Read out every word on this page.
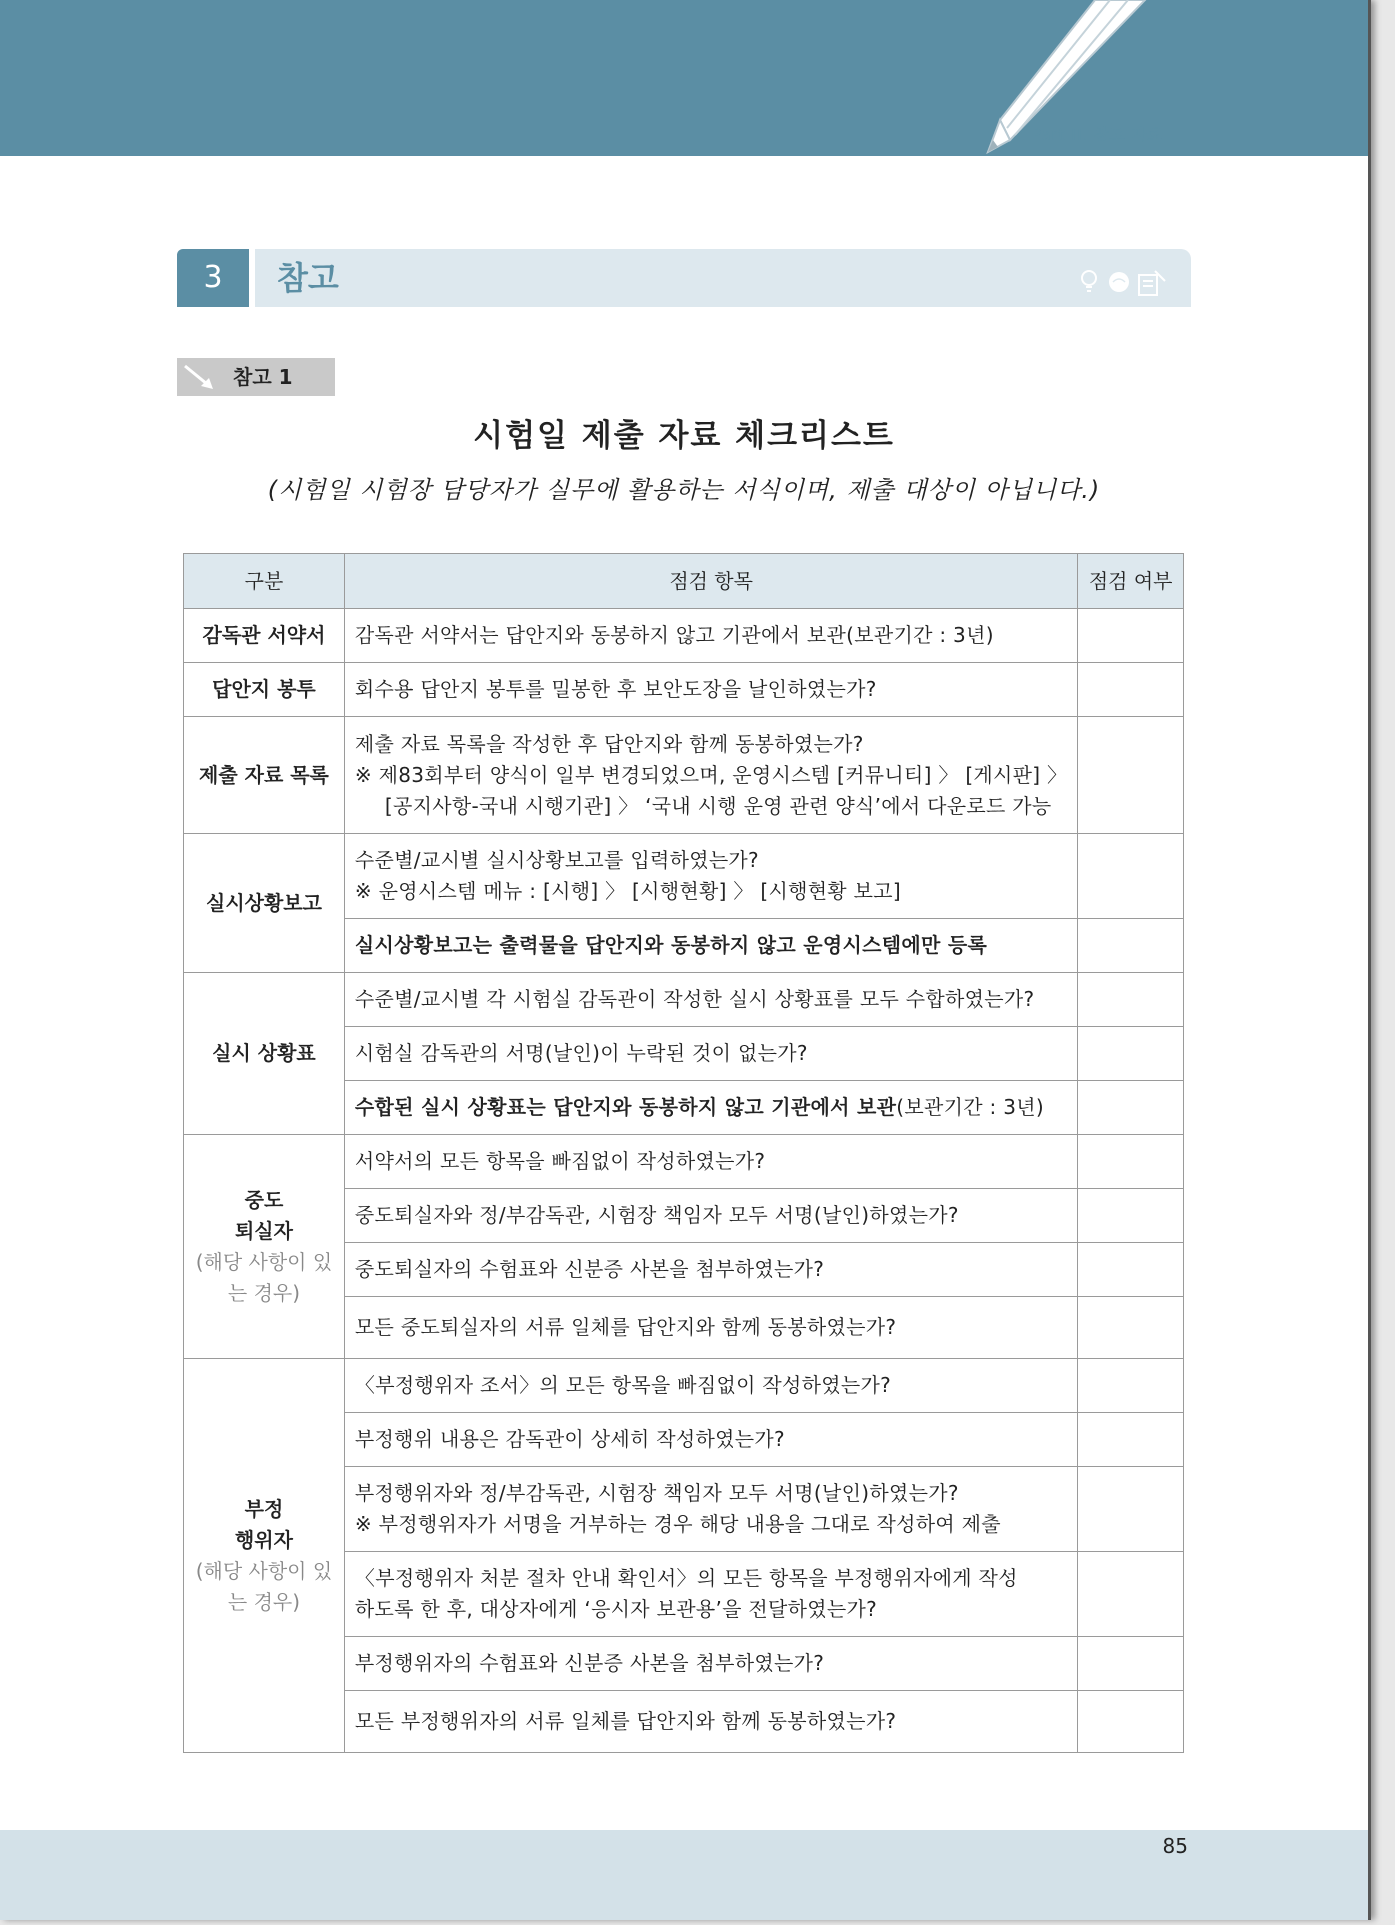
Part Ⅲ. 참고 자료
3	참고
참고 1
시험일 제출 자료 체크리스트
(시험일 시험장 담당자가 실무에 활용하는 서식이며, 제출 대상이 아닙니다.)
구분	점검 항목	점검 여부
감독관 서약서	감독관 서약서는 답안지와 동봉하지 않고 기관에서 보관(보관기간 : 3년)	
답안지 봉투	회수용 답안지 봉투를 밀봉한 후 보안도장을 날인하였는가?	
제출 자료 목록	제출 자료 목록을 작성한 후 답안지와 함께 동봉하였는가?
※ 제83회부터 양식이 일부 변경되었으며, 운영시스템 [커뮤니티] 〉 [게시판] 〉
[공지사항-국내 시행기관] 〉 ‘국내 시행 운영 관련 양식’에서 다운로드 가능	

실시상황보고	수준별/교시별 실시상황보고를 입력하였는가?
※ 운영시스템 메뉴 : [시행] 〉 [시행현황] 〉 [시행현황 보고]	

	실시상황보고는 출력물을 답안지와 동봉하지 않고 운영시스템에만 등록	
실시 상황표	수준별/교시별 각 시험실 감독관이 작성한 실시 상황표를 모두 수합하였는가?	
	시험실 감독관의 서명(날인)이 누락된 것이 없는가?	
	수합된 실시 상황표는 답안지와 동봉하지 않고 기관에서 보관(보관기간 : 3년)	

중도
퇴실자
(해당 사항이 있는 경우)	서약서의 모든 항목을 빠짐없이 작성하였는가?	
	중도퇴실자와 정/부감독관, 시험장 책임자 모두 서명(날인)하였는가?	
	중도퇴실자의 수험표와 신분증 사본을 첨부하였는가?	
	모든 중도퇴실자의 서류 일체를 답안지와 함께 동봉하였는가?	

부정
행위자
(해당 사항이 있는 경우)	〈부정행위자 조서〉의 모든 항목을 빠짐없이 작성하였는가?	
	부정행위 내용은 감독관이 상세히 작성하였는가?	

	부정행위자와 정/부감독관, 시험장 책임자 모두 서명(날인)하였는가?
※ 부정행위자가 서명을 거부하는 경우 해당 내용을 그대로 작성하여 제출	

	〈부정행위자 처분 절차 안내 확인서〉의 모든 항목을 부정행위자에게 작성
하도록 한 후, 대상자에게 ‘응시자 보관용’을 전달하였는가?	

	부정행위자의 수험표와 신분증 사본을 첨부하였는가?	
	모든 부정행위자의 서류 일체를 답안지와 함께 동봉하였는가?	
85
